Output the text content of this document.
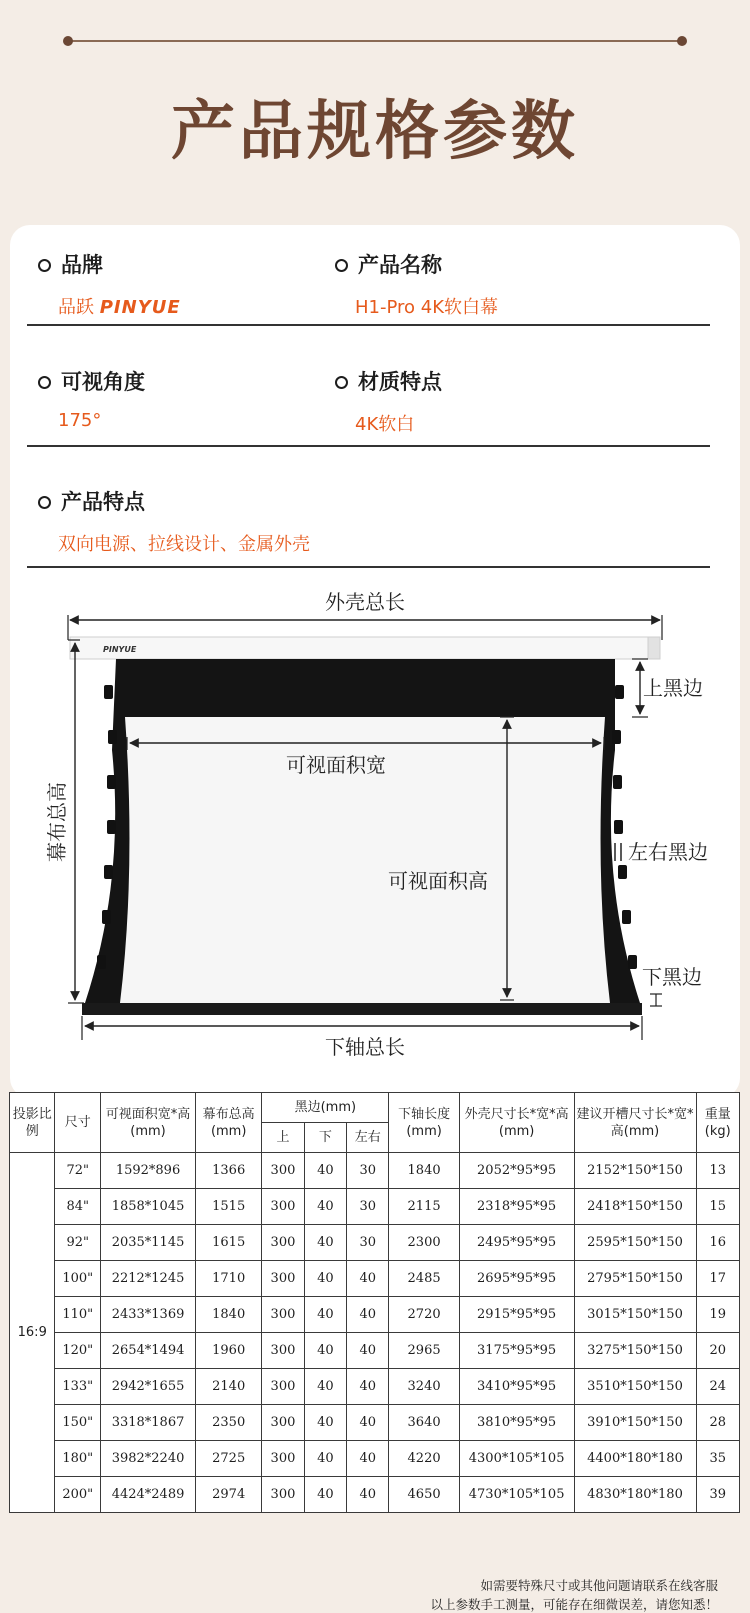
产品规格参数
品牌
品跃 PINYUE
产品名称
H1-Pro 4K软白幕
可视角度
175°
材质特点
4K软白
产品特点
双向电源、拉线设计、金属外壳
外壳总长
PINYUE
幕布总高
可视面积宽
可视面积高
上黑边
左右黑边
下黑边
下轴总长
投影比例	尺寸	可视面积宽*高(mm)	幕布总高(mm)	黑边(mm)			下轴长度(mm)	外壳尺寸长*宽*高(mm)	建议开槽尺寸长*宽*高(mm)	重量(kg)
				上	下	左右				
16:9	72"	1592*896	1366	300	40	30	1840	2052*95*95	2152*150*150	13
	84"	1858*1045	1515	300	40	30	2115	2318*95*95	2418*150*150	15
	92"	2035*1145	1615	300	40	30	2300	2495*95*95	2595*150*150	16
	100"	2212*1245	1710	300	40	40	2485	2695*95*95	2795*150*150	17
	110"	2433*1369	1840	300	40	40	2720	2915*95*95	3015*150*150	19
	120"	2654*1494	1960	300	40	40	2965	3175*95*95	3275*150*150	20
	133"	2942*1655	2140	300	40	40	3240	3410*95*95	3510*150*150	24
	150"	3318*1867	2350	300	40	40	3640	3810*95*95	3910*150*150	28
	180"	3982*2240	2725	300	40	40	4220	4300*105*105	4400*180*180	35
	200"	4424*2489	2974	300	40	40	4650	4730*105*105	4830*180*180	39
如需要特殊尺寸或其他问题请联系在线客服
以上参数手工测量，可能存在细微误差，请您知悉！
